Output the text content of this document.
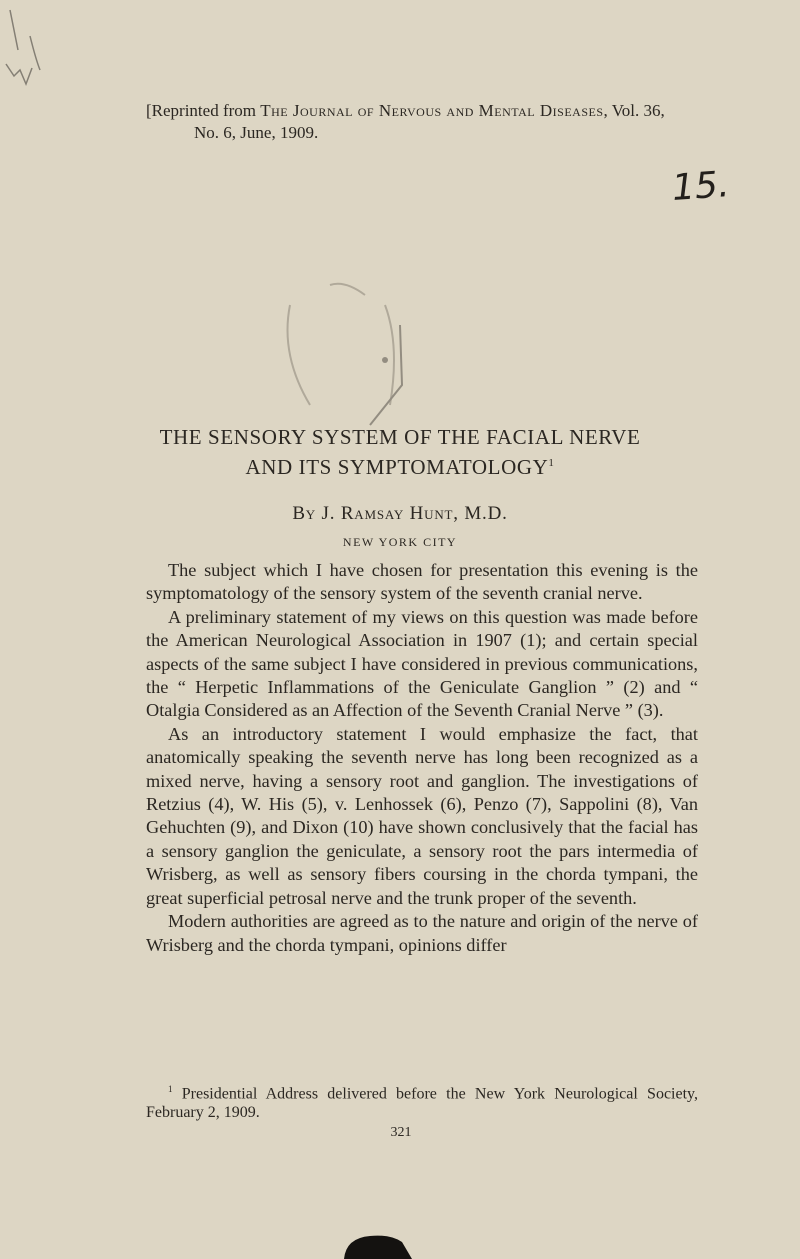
[Reprinted from The Journal of Nervous and Mental Diseases, Vol. 36,
No. 6, June, 1909.
15.
THE SENSORY SYSTEM OF THE FACIAL NERVE
AND ITS SYMPTOMATOLOGY$^1$
By J. Ramsay Hunt, M.D.
NEW YORK CITY

The subject which I have chosen for presentation this evening is the symptomatology of the sensory system of the seventh cranial nerve.

A preliminary statement of my views on this question was made before the American Neurological Association in 1907 (1); and certain special aspects of the same subject I have considered in previous communications, the “ Herpetic Inflammations of the Geniculate Ganglion ” (2) and “ Otalgia Considered as an Affection of the Seventh Cranial Nerve ” (3).

As an introductory statement I would emphasize the fact, that anatomically speaking the seventh nerve has long been recognized as a mixed nerve, having a sensory root and ganglion. The investigations of Retzius (4), W. His (5), v. Lenhossek (6), Penzo (7), Sappolini (8), Van Gehuchten (9), and Dixon (10) have shown conclusively that the facial has a sensory ganglion the geniculate, a sensory root the pars intermedia of Wrisberg, as well as sensory fibers coursing in the chorda tympani, the great superficial petrosal nerve and the trunk proper of the seventh.

Modern authorities are agreed as to the nature and origin of the nerve of Wrisberg and the chorda tympani, opinions differ

$^1$ Presidential Address delivered before the New York Neurological Society, February 2, 1909.
321
